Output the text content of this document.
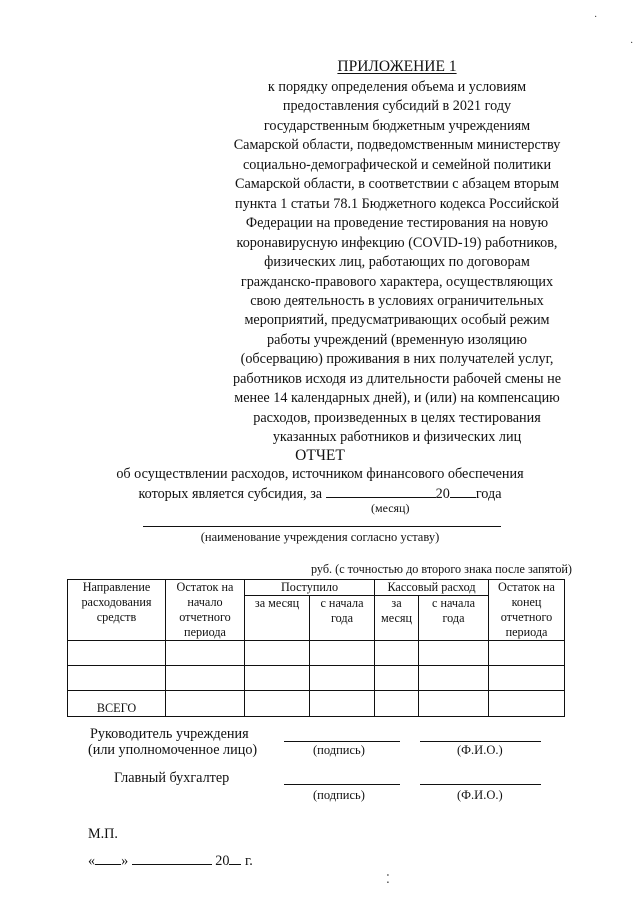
ПРИЛОЖЕНИЕ 1
к порядку определения объема и условиям
предоставления субсидий в 2021 году
государственным бюджетным учреждениям
Самарской области, подведомственным министерству
социально-демографической и семейной политики
Самарской области, в соответствии с абзацем вторым
пункта 1 статьи 78.1 Бюджетного кодекса Российской
Федерации на проведение тестирования на новую
коронавирусную инфекцию (COVID-19) работников,
физических лиц, работающих по договорам
гражданско-правового характера, осуществляющих
свою деятельность в условиях ограничительных
мероприятий, предусматривающих особый режим
работы учреждений (временную изоляцию
(обсервацию) проживания в них получателей услуг,
работников исходя из длительности рабочей смены не
менее 14 календарных дней), и (или) на компенсацию
расходов, произведенных в целях тестирования
указанных работников и физических лиц
ОТЧЕТ
об осуществлении расходов, источником финансового обеспечения
которых является субсидия, за	20 года
(месяц)
(наименование учреждения согласно уставу)
руб. (с точностью до второго знака после запятой)
Направление расходования средств	Остаток на начало отчетного периода	Поступило		Кассовый расход		Остаток на конец отчетного периода
		за месяц	с начала года	за месяц	с начала года	

ВСЕГО						
Руководитель учреждения
(или уполномоченное лицо)	(подпись)	(Ф.И.О.)
Главный бухгалтер
(подпись)	(Ф.И.О.)
М.П.
« »	20 г.
·
·
⁚
